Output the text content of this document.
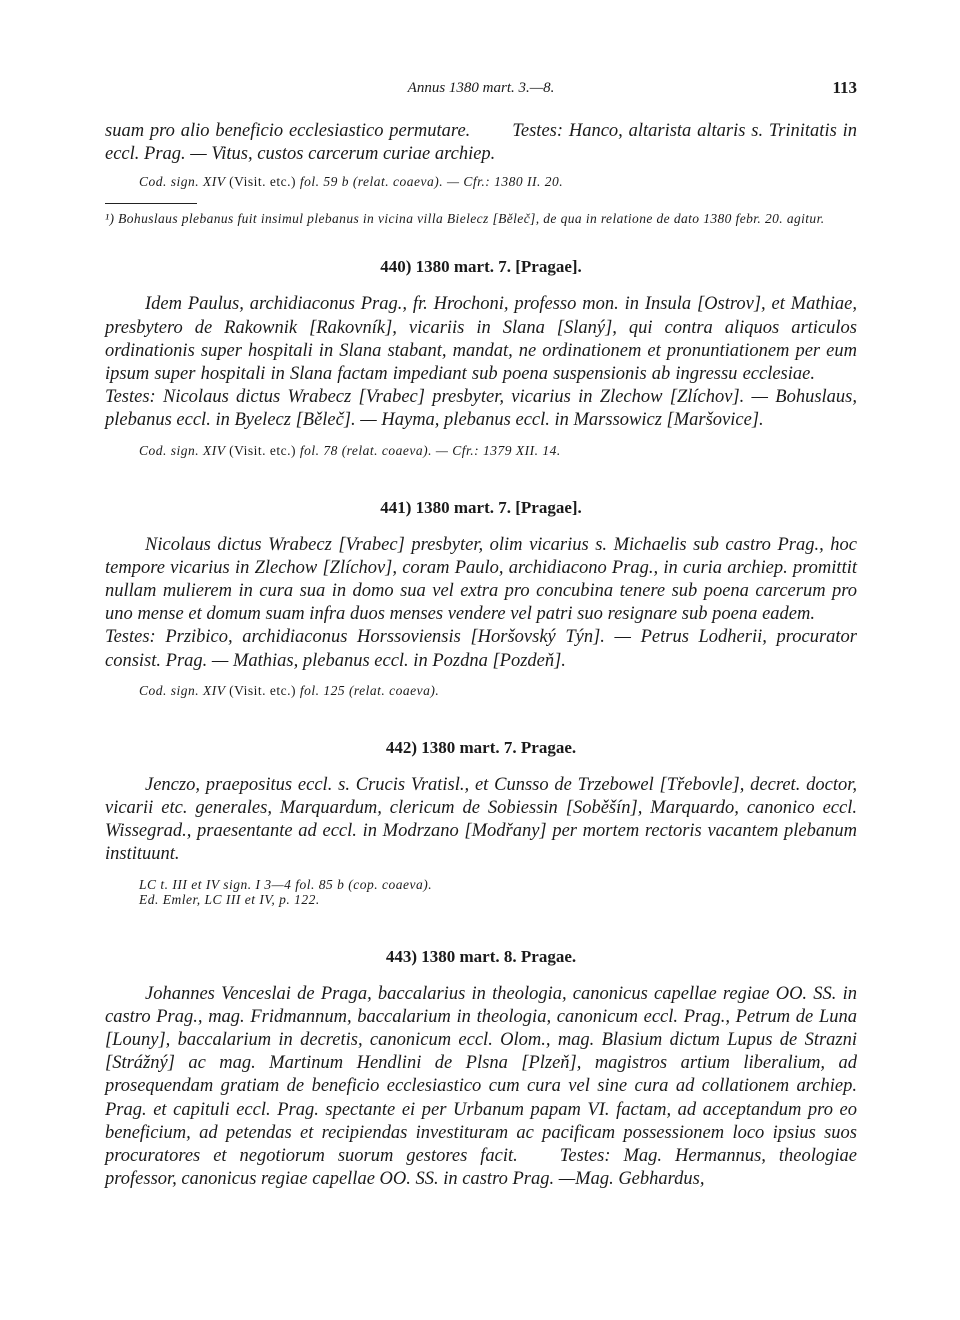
Annus 1380 mart. 3.—8.	113

suam pro alio beneficio ecclesiastico permutare. Testes: Hanco, altarista altaris s. Trinitatis in eccl. Prag. — Vitus, custos carcerum curiae archiep.

Cod. sign. XIV (Visit. etc.) fol. 59 b (relat. coaeva). — Cfr.: 1380 II. 20.

¹) Bohuslaus plebanus fuit insimul plebanus in vicina villa Bielecz [Běleč], de qua in relatione de dato 1380 febr. 20. agitur.

440) 1380 mart. 7. [Pragae].

Idem Paulus, archidiaconus Prag., fr. Hrochoni, professo mon. in Insula [Ostrov], et Mathiae, presbytero de Rakownik [Rakovník], vicariis in Slana [Slaný], qui contra aliquos articulos ordinationis super hospitali in Slana stabant, mandat, ne ordinationem et pronuntiationem per eum ipsum super hospitali in Slana factam impediant sub poena suspensionis ab ingressu ecclesiae.Testes: Nicolaus dictus Wrabecz [Vrabec] presbyter, vicarius in Zlechow [Zlíchov]. — Bohuslaus, plebanus eccl. in Byelecz [Běleč]. — Hayma, plebanus eccl. in Marssowicz [Maršovice].

Cod. sign. XIV (Visit. etc.) fol. 78 (relat. coaeva). — Cfr.: 1379 XII. 14.

441) 1380 mart. 7. [Pragae].

Nicolaus dictus Wrabecz [Vrabec] presbyter, olim vicarius s. Michaelis sub castro Prag., hoc tempore vicarius in Zlechow [Zlíchov], coram Paulo, archidiacono Prag., in curia archiep. promittit nullam mulierem in cura sua in domo sua vel extra pro concubina tenere sub poena carcerum pro uno mense et domum suam infra duos menses vendere vel patri suo resignare sub poena eadem.Testes: Przibico, archidiaconus Horssoviensis [Horšovský Týn]. — Petrus Lodherii, procurator consist. Prag. — Mathias, plebanus eccl. in Pozdna [Pozdeň].

Cod. sign. XIV (Visit. etc.) fol. 125 (relat. coaeva).

442) 1380 mart. 7. Pragae.

Jenczo, praepositus eccl. s. Crucis Vratisl., et Cunsso de Trzebowel [Třebovle], decret. doctor, vicarii etc. generales, Marquardum, clericum de Sobiessin [Soběšín], Marquardo, canonico eccl. Wissegrad., praesentante ad eccl. in Modrzano [Modřany] per mortem rectoris vacantem plebanum instituunt.

LC t. III et IV sign. I 3—4 fol. 85 b (cop. coaeva).

Ed. Emler, LC III et IV, p. 122.

443) 1380 mart. 8. Pragae.

Johannes Venceslai de Praga, baccalarius in theologia, canonicus capellae regiae OO. SS. in castro Prag., mag. Fridmannum, baccalarium in theologia, canonicum eccl. Prag., Petrum de Luna [Louny], baccalarium in decretis, canonicum eccl. Olom., mag. Blasium dictum Lupus de Strazni [Strážný] ac mag. Martinum Hendlini de Plsna [Plzeň], magistros artium liberalium, ad prosequendam gratiam de beneficio ecclesiastico cum cura vel sine cura ad collationem archiep. Prag. et capituli eccl. Prag. spectante ei per Urbanum papam VI. factam, ad acceptandum pro eo beneficium, ad petendas et recipiendas investituram ac pacificam possessionem loco ipsius suos procuratores et negotiorum suorum gestores facit. Testes: Mag. Hermannus, theologiae professor, canonicus regiae capellae OO. SS. in castro Prag. —Mag. Gebhardus,
